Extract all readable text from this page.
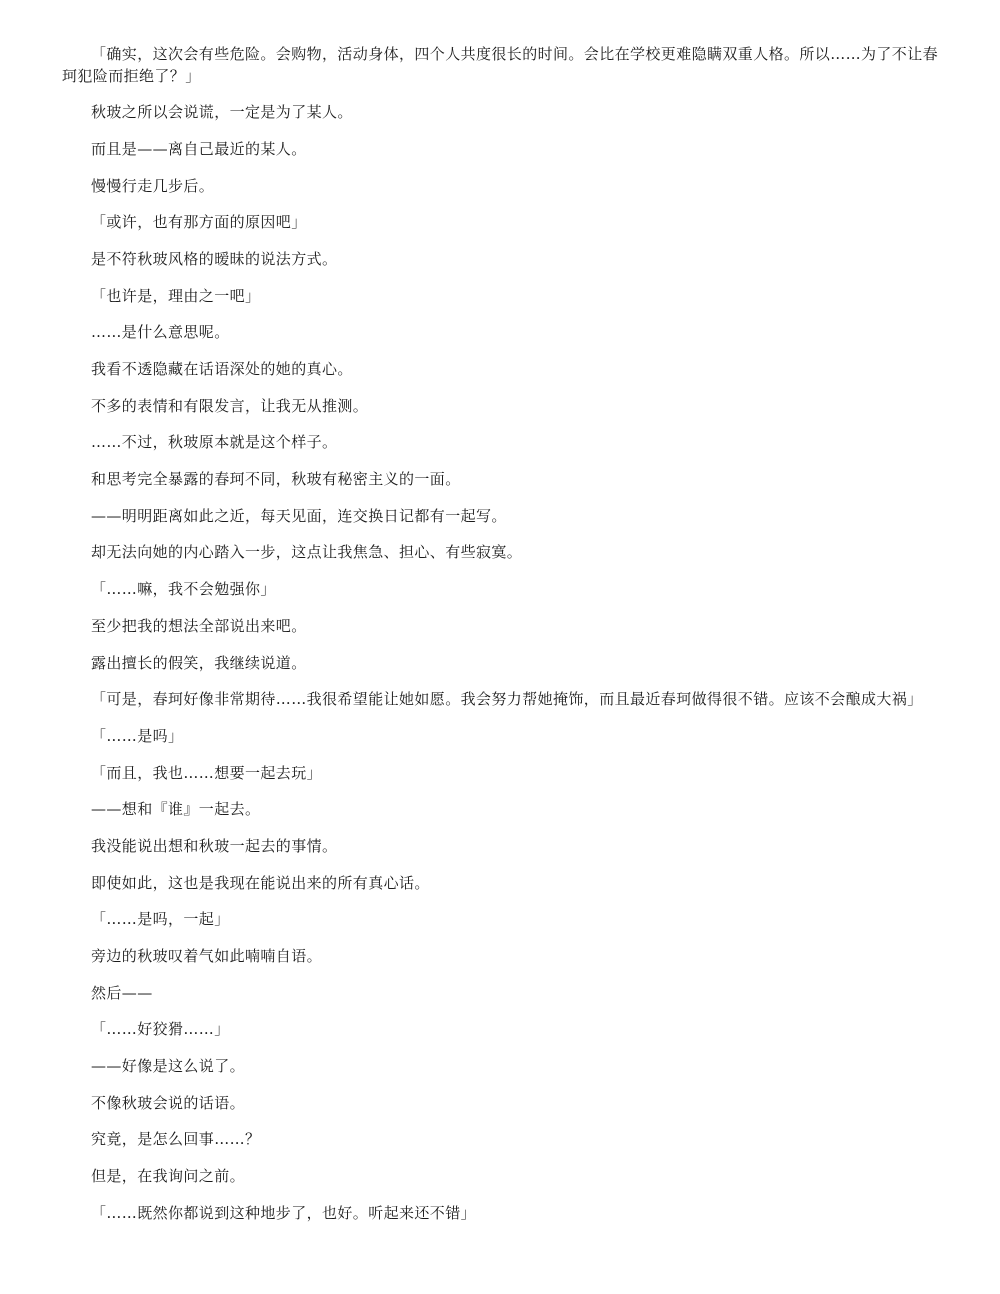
「确实，这次会有些危险。会购物，活动身体，四个人共度很长的时间。会比在学校更难隐瞒双重人格。所以……为了不让春珂犯险而拒绝了？」

秋玻之所以会说谎，一定是为了某人。

而且是——离自己最近的某人。

慢慢行走几步后。

「或许，也有那方面的原因吧」

是不符秋玻风格的暧昧的说法方式。

「也许是，理由之一吧」

……是什么意思呢。

我看不透隐藏在话语深处的她的真心。

不多的表情和有限发言，让我无从推测。

……不过，秋玻原本就是这个样子。

和思考完全暴露的春珂不同，秋玻有秘密主义的一面。

——明明距离如此之近，每天见面，连交换日记都有一起写。

却无法向她的内心踏入一步，这点让我焦急、担心、有些寂寞。

「……嘛，我不会勉强你」

至少把我的想法全部说出来吧。

露出擅长的假笑，我继续说道。

「可是，春珂好像非常期待……我很希望能让她如愿。我会努力帮她掩饰，而且最近春珂做得很不错。应该不会酿成大祸」

「……是吗」

「而且，我也……想要一起去玩」

——想和『谁』一起去。

我没能说出想和秋玻一起去的事情。

即使如此，这也是我现在能说出来的所有真心话。

「……是吗，一起」

旁边的秋玻叹着气如此喃喃自语。

然后——

「……好狡猾……」

——好像是这么说了。

不像秋玻会说的话语。

究竟，是怎么回事……？

但是，在我询问之前。

「……既然你都说到这种地步了，也好。听起来还不错」
